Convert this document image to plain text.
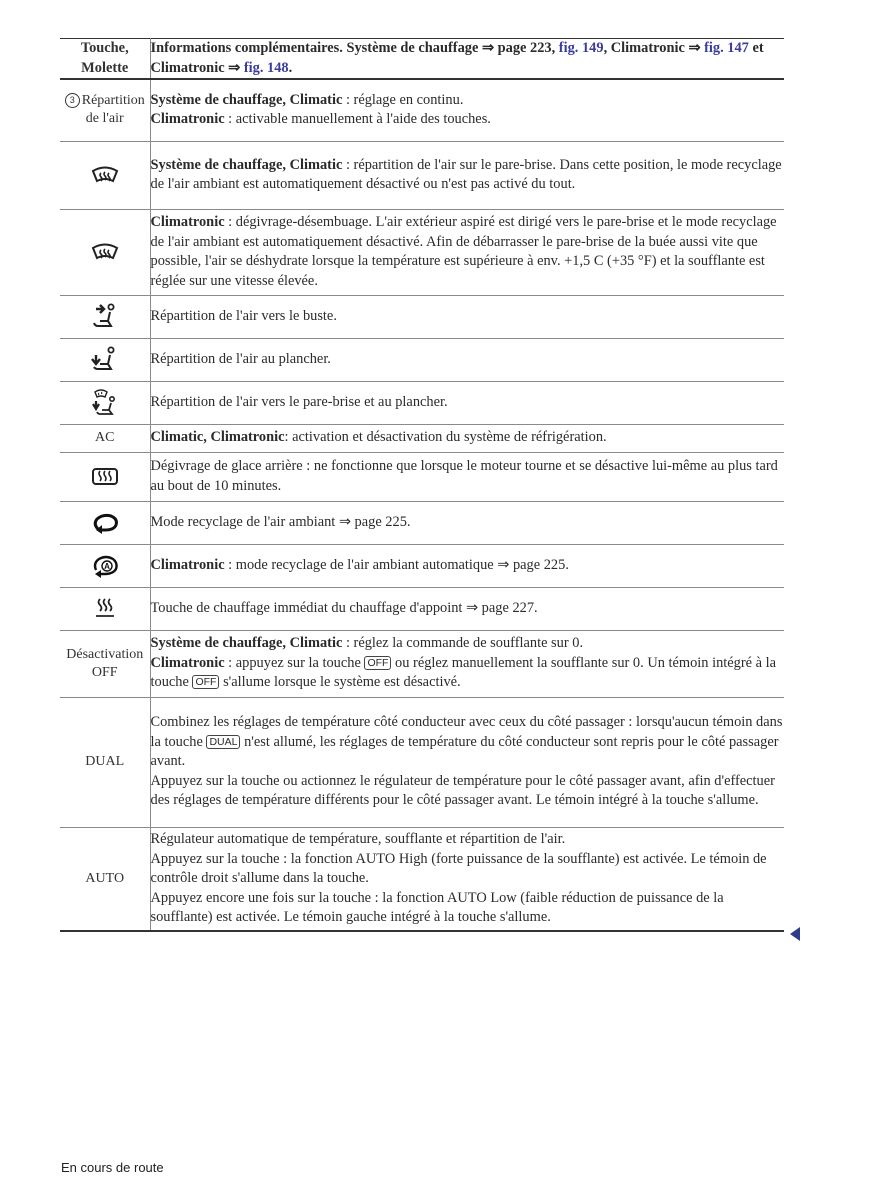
Touche, Molette	Informations complémentaires. Système de chauffage ⇒ page 223, fig. 149, Climatronic ⇒ fig. 147 et Climatronic ⇒ fig. 148.
3 Répartition de l'air	Système de chauffage, Climatic : réglage en continu.
Climatronic : activable manuellement à l'aide des touches.

	Système de chauffage, Climatic : répartition de l'air sur le pare-brise. Dans cette position, le mode recyclage de l'air ambiant est automatiquement désactivé ou n'est pas activé du tout.

	Climatronic : dégivrage-désembuage. L'air extérieur aspiré est dirigé vers le pare-brise et le mode recyclage de l'air ambiant est automatiquement désactivé. Afin de débarrasser le pare-brise de la buée aussi vite que possible, l'air se déshydrate lorsque la température est supérieure à env. +1,5 C (+35 °F) et la soufflante est réglée sur une vitesse élevée.

	Répartition de l'air vers le buste.

	Répartition de l'air au plancher.

	Répartition de l'air vers le pare-brise et au plancher.
AC	Climatic, Climatronic: activation et désactivation du système de réfrigération.

	Dégivrage de glace arrière : ne fonctionne que lorsque le moteur tourne et se désactive lui-même au plus tard au bout de 10 minutes.

	Mode recyclage de l'air ambiant ⇒ page 225.

A	Climatronic : mode recyclage de l'air ambiant automatique ⇒ page 225.

	Touche de chauffage immédiat du chauffage d'appoint ⇒ page 227.
Désactivation OFF	Système de chauffage, Climatic : réglez la commande de soufflante sur 0.
Climatronic : appuyez sur la touche OFF ou réglez manuellement la soufflante sur 0. Un témoin intégré à la touche OFF s'allume lorsque le système est désactivé.
DUAL	Combinez les réglages de température côté conducteur avec ceux du côté passager : lorsqu'aucun témoin dans la touche DUAL n'est allumé, les réglages de température du côté conducteur sont repris pour le côté passager avant.
Appuyez sur la touche ou actionnez le régulateur de température pour le côté passager avant, afin d'effectuer des réglages de température différents pour le côté passager avant. Le témoin intégré à la touche s'allume.
AUTO	Régulateur automatique de température, soufflante et répartition de l'air.
Appuyez sur la touche : la fonction AUTO High (forte puissance de la soufflante) est activée. Le témoin de contrôle droit s'allume dans la touche.
Appuyez encore une fois sur la touche : la fonction AUTO Low (faible réduction de puissance de la soufflante) est activée. Le témoin gauche intégré à la touche s'allume.
En cours de route
